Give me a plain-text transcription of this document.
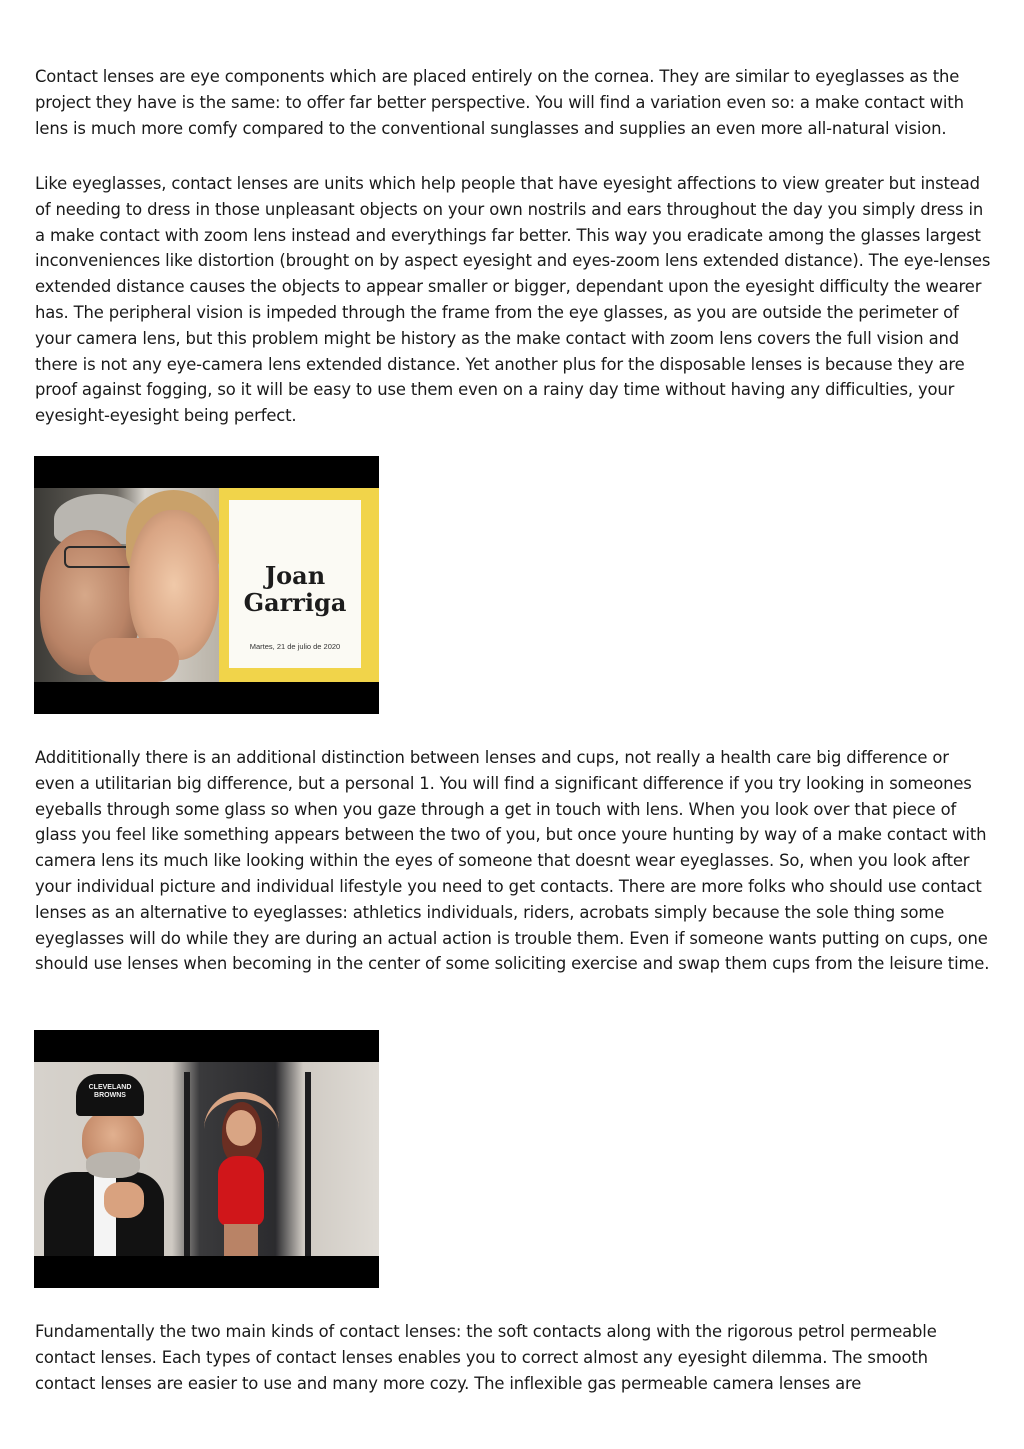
Contact lenses are eye components which are placed entirely on the cornea. They are similar to eyeglasses as the project they have is the same: to offer far better perspective. You will find a variation even so: a make contact with lens is much more comfy compared to the conventional sunglasses and supplies an even more all-natural vision.

Like eyeglasses, contact lenses are units which help people that have eyesight affections to view greater but instead of needing to dress in those unpleasant objects on your own nostrils and ears throughout the day you simply dress in a make contact with zoom lens instead and everythings far better. This way you eradicate among the glasses largest inconveniences like distortion (brought on by aspect eyesight and eyes-zoom lens extended distance). The eye-lenses extended distance causes the objects to appear smaller or bigger, dependant upon the eyesight difficulty the wearer has. The peripheral vision is impeded through the frame from the eye glasses, as you are outside the perimeter of your camera lens, but this problem might be history as the make contact with zoom lens covers the full vision and there is not any eye-camera lens extended distance. Yet another plus for the disposable lenses is because they are proof against fogging, so it will be easy to use them even on a rainy day time without having any difficulties, your eyesight-eyesight being perfect.

Joan
Garriga
Martes, 21 de julio de 2020

Addititionally there is an additional distinction between lenses and cups, not really a health care big difference or even a utilitarian big difference, but a personal 1. You will find a significant difference if you try looking in someones eyeballs through some glass so when you gaze through a get in touch with lens. When you look over that piece of glass you feel like something appears between the two of you, but once youre hunting by way of a make contact with camera lens its much like looking within the eyes of someone that doesnt wear eyeglasses. So, when you look after your individual picture and individual lifestyle you need to get contacts. There are more folks who should use contact lenses as an alternative to eyeglasses: athletics individuals, riders, acrobats simply because the sole thing some eyeglasses will do while they are during an actual action is trouble them. Even if someone wants putting on cups, one should use lenses when becoming in the center of some soliciting exercise and swap them cups from the leisure time.

CLEVELAND
BROWNS

Fundamentally the two main kinds of contact lenses: the soft contacts along with the rigorous petrol permeable contact lenses. Each types of contact lenses enables you to correct almost any eyesight dilemma. The smooth contact lenses are easier to use and many more cozy. The inflexible gas permeable camera lenses are
